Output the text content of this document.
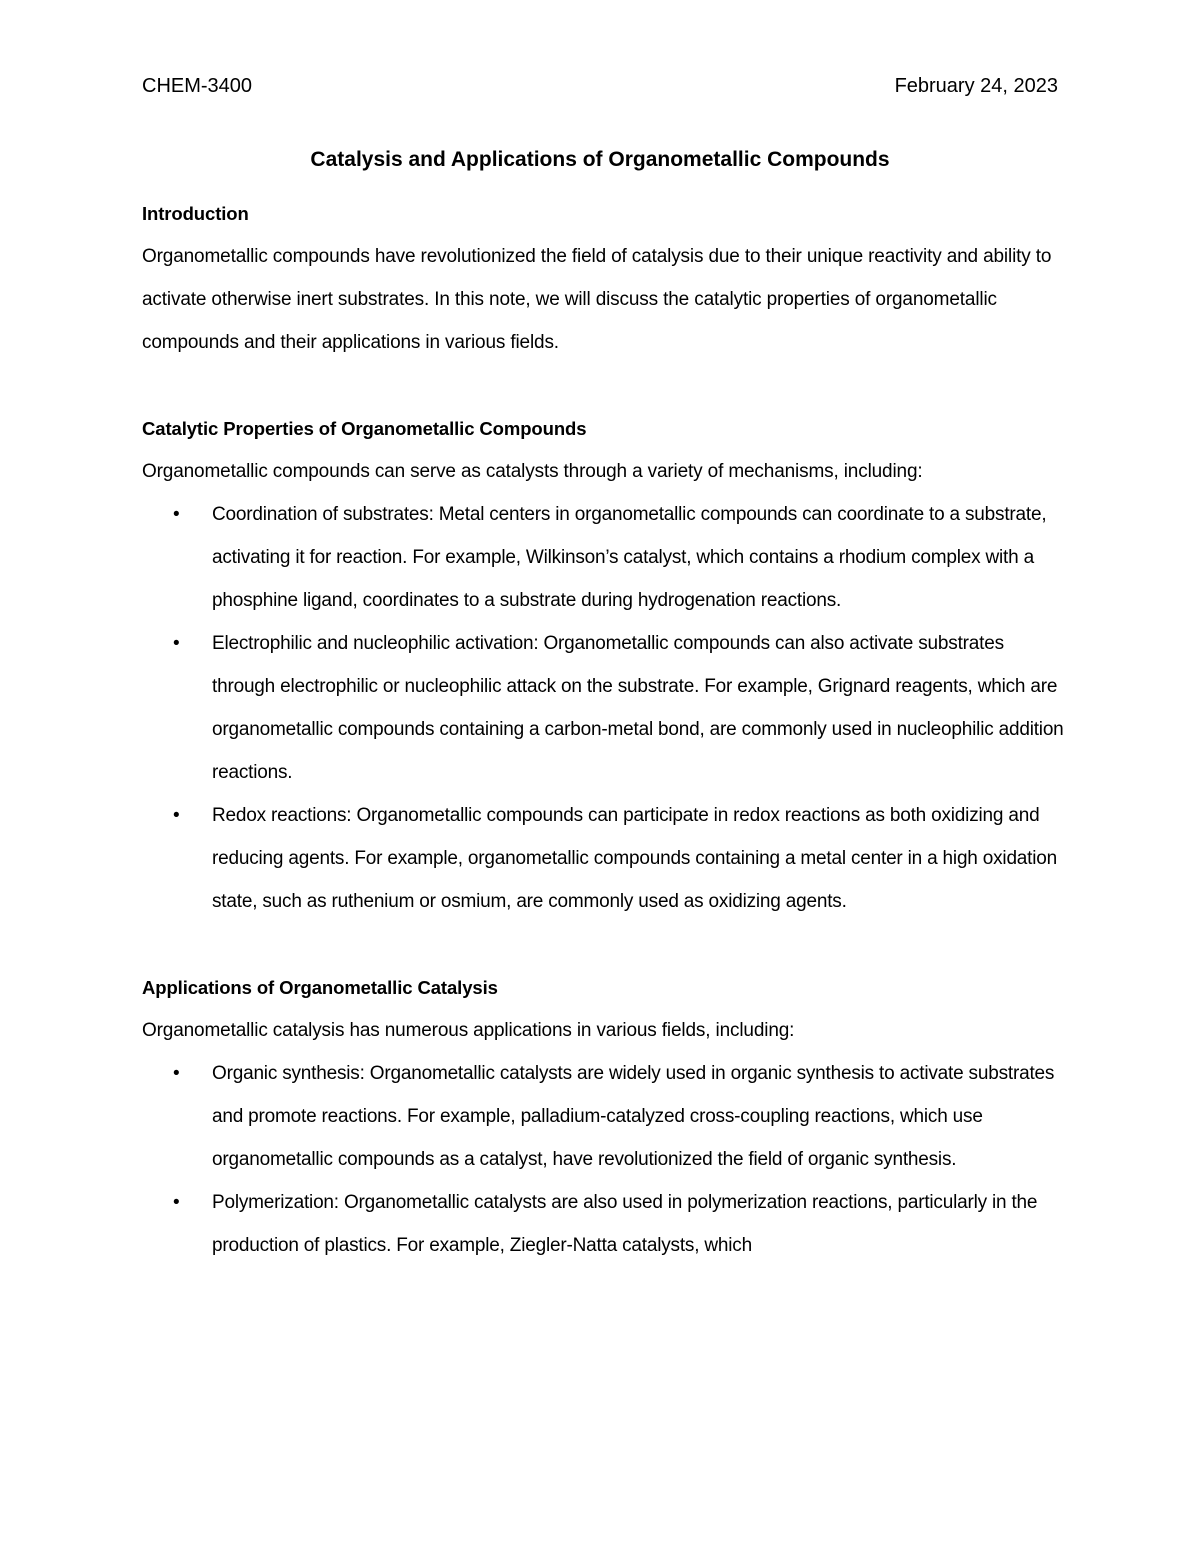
CHEM-3400	February 24, 2023
Catalysis and Applications of Organometallic Compounds
Introduction
Organometallic compounds have revolutionized the field of catalysis due to their unique reactivity and ability to activate otherwise inert substrates. In this note, we will discuss the catalytic properties of organometallic compounds and their applications in various fields.
Catalytic Properties of Organometallic Compounds
Organometallic compounds can serve as catalysts through a variety of mechanisms, including:
• Coordination of substrates: Metal centers in organometallic compounds can coordinate to a substrate, activating it for reaction. For example, Wilkinson’s catalyst, which contains a rhodium complex with a phosphine ligand, coordinates to a substrate during hydrogenation reactions.
• Electrophilic and nucleophilic activation: Organometallic compounds can also activate substrates through electrophilic or nucleophilic attack on the substrate. For example, Grignard reagents, which are organometallic compounds containing a carbon-metal bond, are commonly used in nucleophilic addition reactions.
• Redox reactions: Organometallic compounds can participate in redox reactions as both oxidizing and reducing agents. For example, organometallic compounds containing a metal center in a high oxidation state, such as ruthenium or osmium, are commonly used as oxidizing agents.
Applications of Organometallic Catalysis
Organometallic catalysis has numerous applications in various fields, including:
• Organic synthesis: Organometallic catalysts are widely used in organic synthesis to activate substrates and promote reactions. For example, palladium-catalyzed cross-coupling reactions, which use organometallic compounds as a catalyst, have revolutionized the field of organic synthesis.
• Polymerization: Organometallic catalysts are also used in polymerization reactions, particularly in the production of plastics. For example, Ziegler-Natta catalysts, which
